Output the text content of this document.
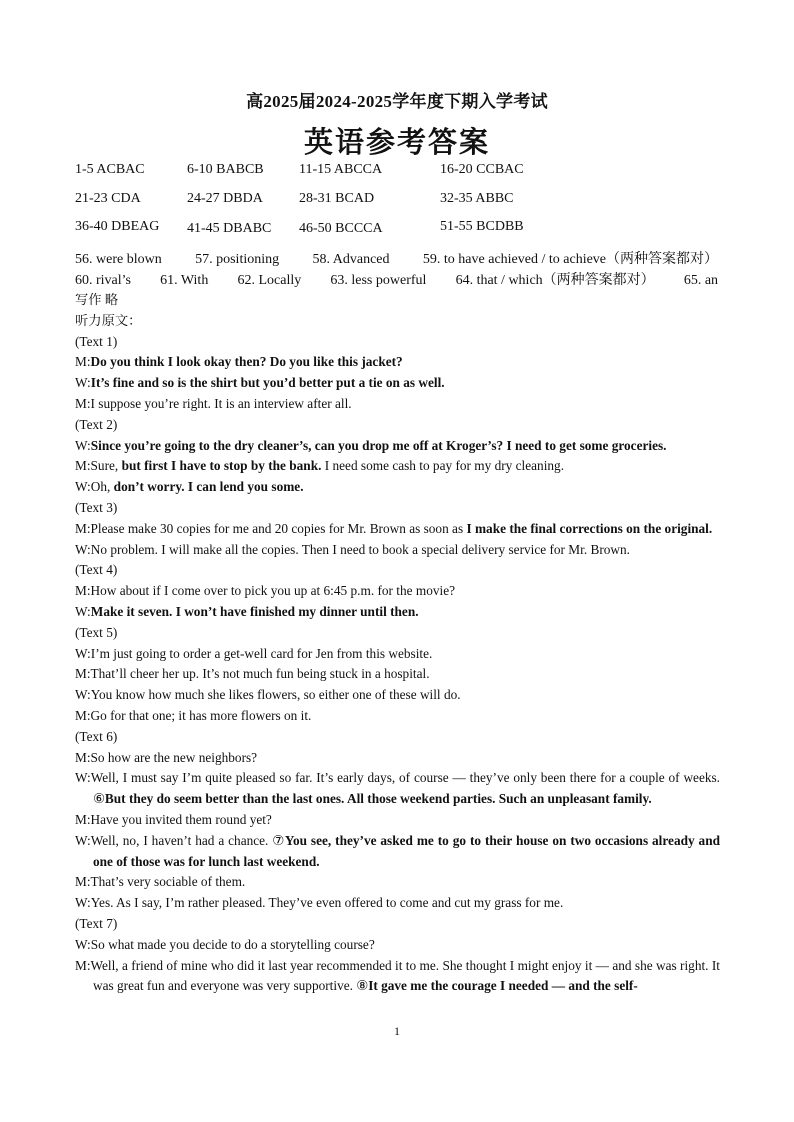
高2025届2024-2025学年度下期入学考试
英语参考答案
1-5 ACBAC	6-10 BABCB	11-15 ABCCA	16-20 CCBAC
21-23 CDA	24-27 DBDA	28-31 BCAD	32-35 ABBC
36-40 DBEAG 41-45 DBABC 46-50 BCCCA	51-55 BCDBB
56. were blown 57. positioning 58. Advanced 59. to have achieved / to achieve（两种答案都对）
60. rival’s 61. With 62. Locally 63. less powerful 64. that / which（两种答案都对） 65. an
写作 略
听力原文：
(Text 1)
M:Do you think I look okay then? Do you like this jacket?
W:It’s fine and so is the shirt but you’d better put a tie on as well.
M:I suppose you’re right. It is an interview after all.
(Text 2)
W:Since you’re going to the dry cleaner’s, can you drop me off at Kroger’s? I need to get some groceries.
M:Sure, but first I have to stop by the bank. I need some cash to pay for my dry cleaning.
W:Oh, don’t worry. I can lend you some.
(Text 3)
M:Please make 30 copies for me and 20 copies for Mr. Brown as soon as I make the final corrections on the original.
W:No problem. I will make all the copies. Then I need to book a special delivery service for Mr. Brown.
(Text 4)
M:How about if I come over to pick you up at 6:45 p.m. for the movie?
W:Make it seven. I won’t have finished my dinner until then.
(Text 5)
W:I’m just going to order a get-well card for Jen from this website.
M:That’ll cheer her up. It’s not much fun being stuck in a hospital.
W:You know how much she likes flowers, so either one of these will do.
M:Go for that one; it has more flowers on it.
(Text 6)
M:So how are the new neighbors?
W:Well, I must say I’m quite pleased so far. It’s early days, of course — they’ve only been there for a couple of weeks. ⑥But they do seem better than the last ones. All those weekend parties. Such an unpleasant family.
M:Have you invited them round yet?
W:Well, no, I haven’t had a chance. ⑦You see, they’ve asked me to go to their house on two occasions already and one of those was for lunch last weekend.
M:That’s very sociable of them.
W:Yes. As I say, I’m rather pleased. They’ve even offered to come and cut my grass for me.
(Text 7)
W:So what made you decide to do a storytelling course?
M:Well, a friend of mine who did it last year recommended it to me. She thought I might enjoy it — and she was right. It was great fun and everyone was very supportive. ⑧It gave me the courage I needed — and the self-
1
